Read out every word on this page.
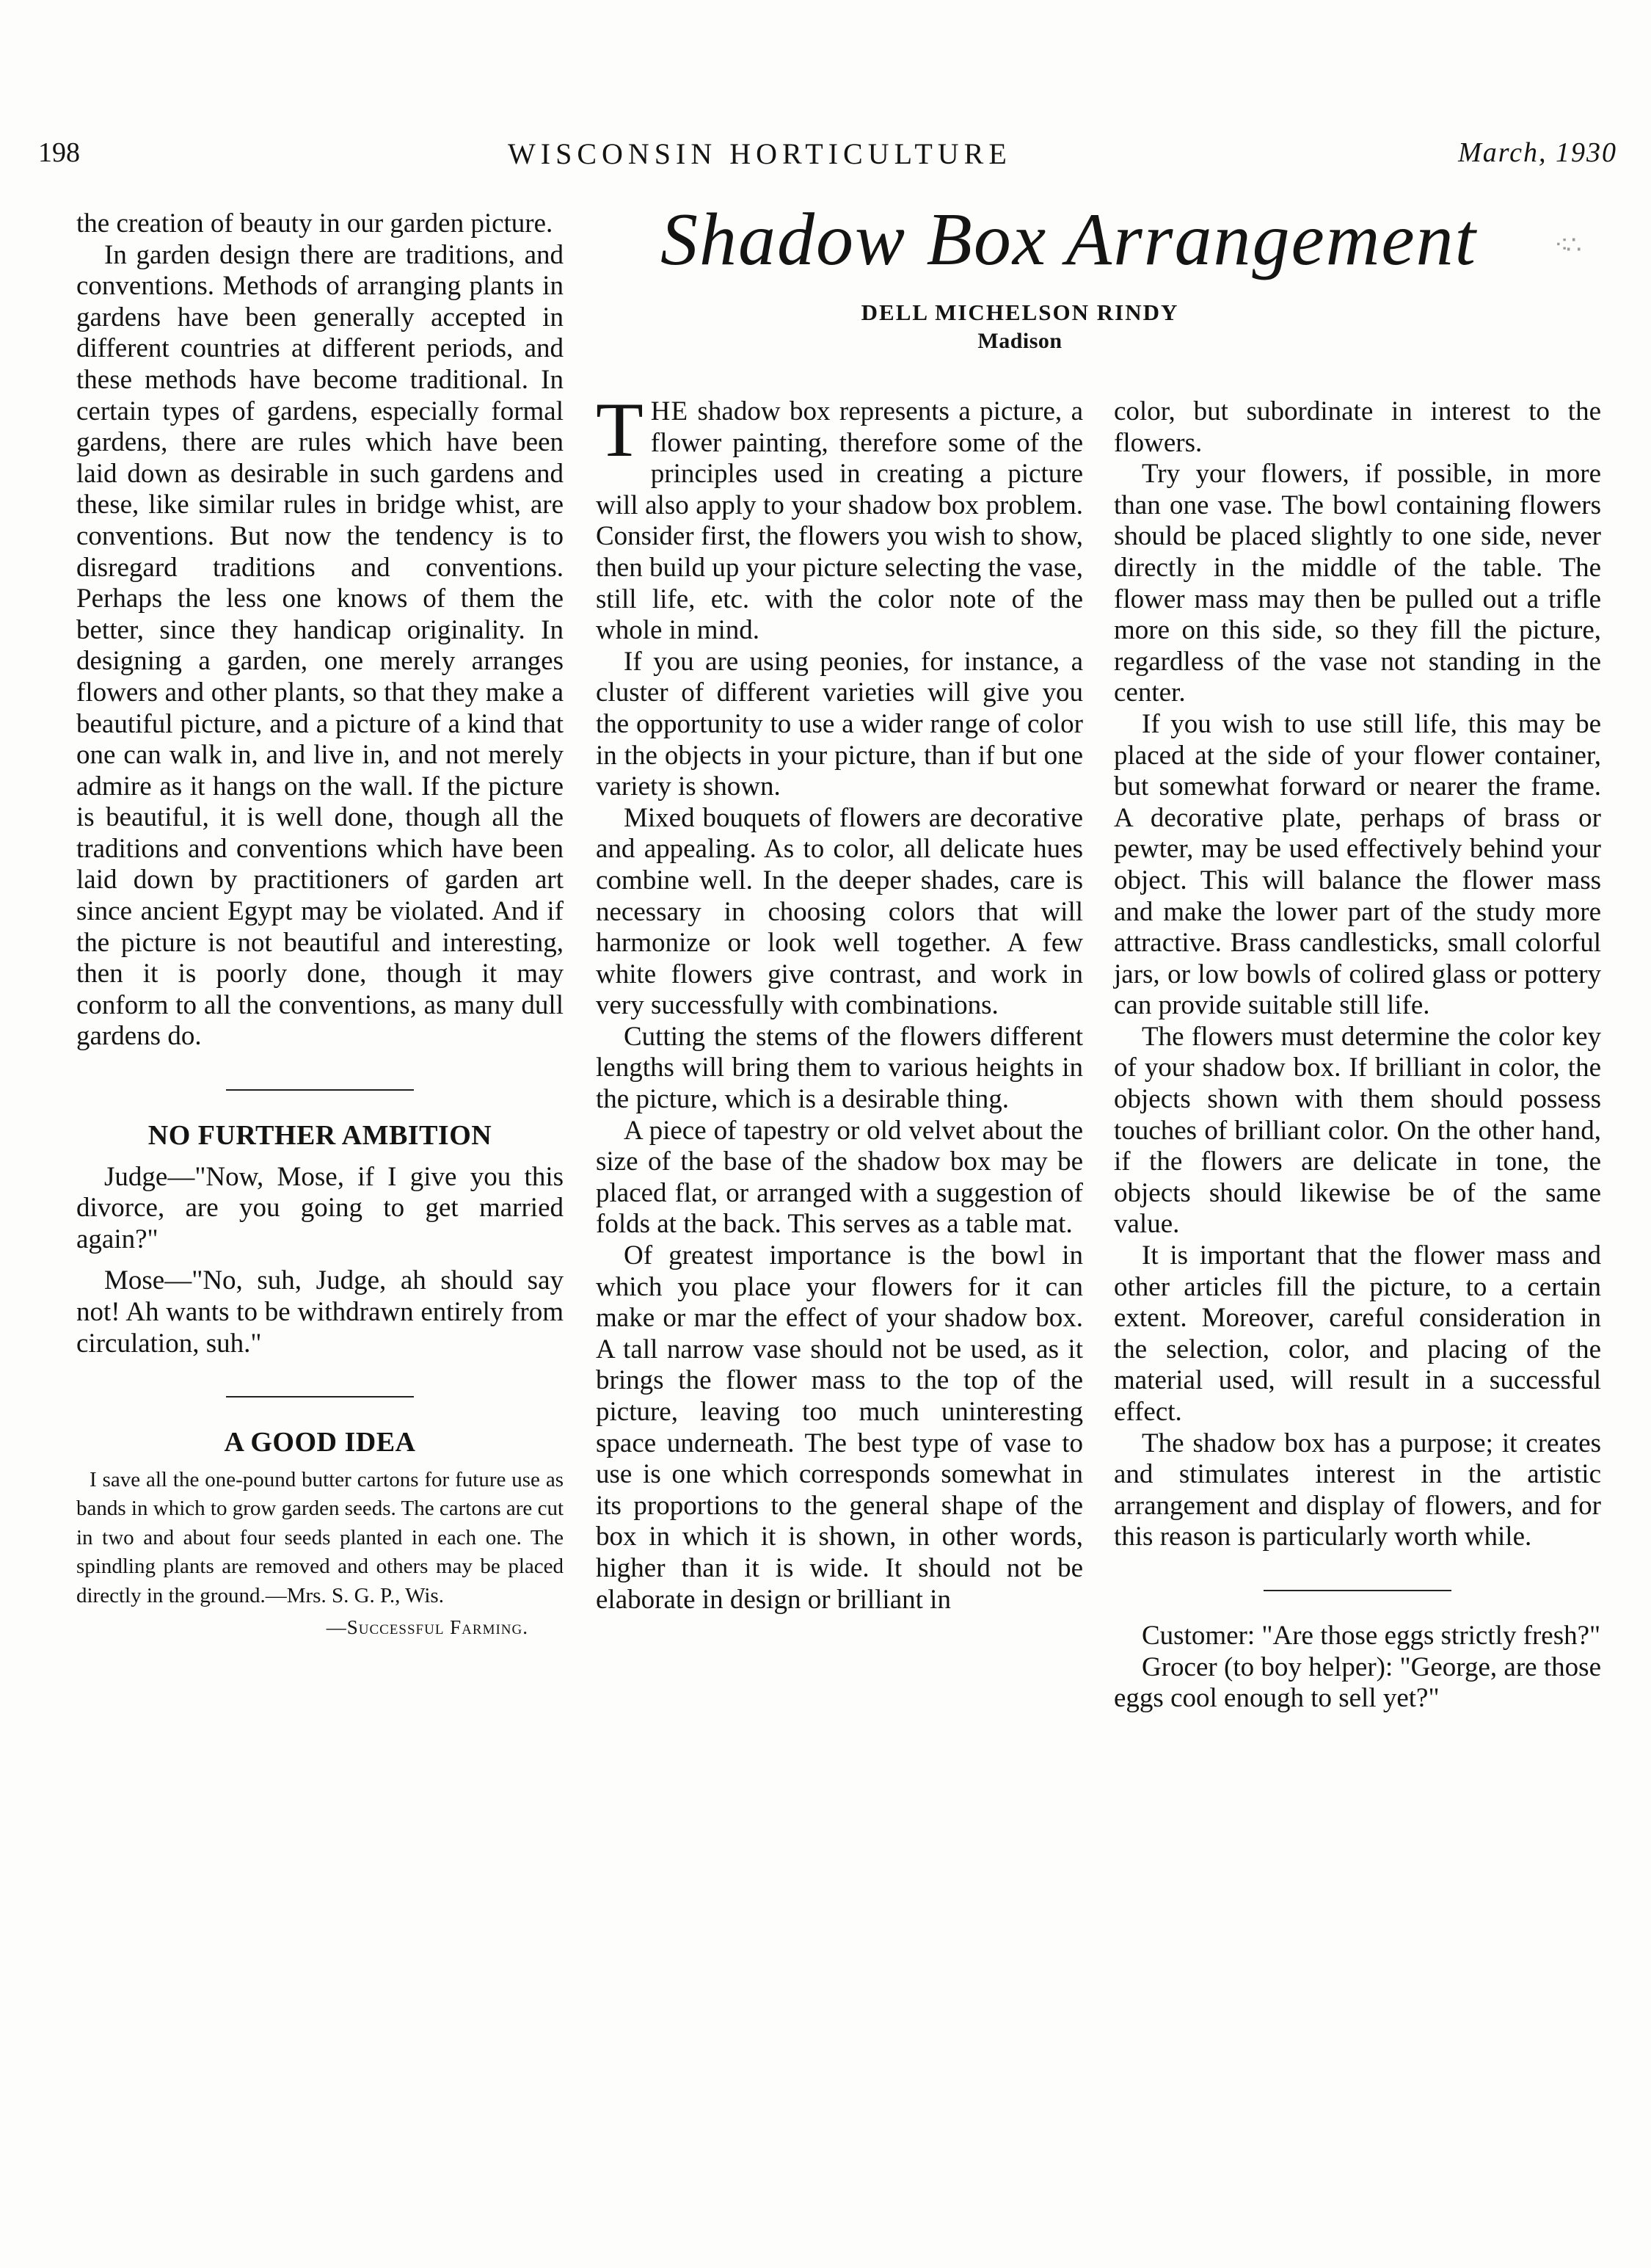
198	WISCONSIN HORTICULTURE	March, 1930

the creation of beauty in our garden picture.

In garden design there are traditions, and conventions. Methods of arranging plants in gardens have been generally accepted in different countries at different periods, and these methods have become traditional. In certain types of gardens, especially formal gardens, there are rules which have been laid down as desirable in such gardens and these, like similar rules in bridge whist, are conventions. But now the tendency is to disregard traditions and conventions. Perhaps the less one knows of them the better, since they handicap originality. In designing a garden, one merely arranges flowers and other plants, so that they make a beautiful picture, and a picture of a kind that one can walk in, and live in, and not merely admire as it hangs on the wall. If the picture is beautiful, it is well done, though all the traditions and conventions which have been laid down by practitioners of garden art since ancient Egypt may be violated. And if the picture is not beautiful and interesting, then it is poorly done, though it may conform to all the conventions, as many dull gardens do.

NO FURTHER AMBITION

Judge—"Now, Mose, if I give you this divorce, are you going to get married again?"

Mose—"No, suh, Judge, ah should say not! Ah wants to be withdrawn entirely from circulation, suh."

A GOOD IDEA

I save all the one-pound butter cartons for future use as bands in which to grow garden seeds. The cartons are cut in two and about four seeds planted in each one. The spindling plants are removed and others may be placed directly in the ground.—Mrs. S. G. P., Wis.

—Successful Farming.

Shadow Box Arrangement	⁖∴
DELL MICHELSON RINDY
Madison

THE shadow box represents a picture, a flower painting, therefore some of the principles used in creating a picture will also apply to your shadow box problem. Consider first, the flowers you wish to show, then build up your picture selecting the vase, still life, etc. with the color note of the whole in mind.

If you are using peonies, for instance, a cluster of different varieties will give you the opportunity to use a wider range of color in the objects in your picture, than if but one variety is shown.

Mixed bouquets of flowers are decorative and appealing. As to color, all delicate hues combine well. In the deeper shades, care is necessary in choosing colors that will harmonize or look well together. A few white flowers give contrast, and work in very successfully with combinations.

Cutting the stems of the flowers different lengths will bring them to various heights in the picture, which is a desirable thing.

A piece of tapestry or old velvet about the size of the base of the shadow box may be placed flat, or arranged with a suggestion of folds at the back. This serves as a table mat.

Of greatest importance is the bowl in which you place your flowers for it can make or mar the effect of your shadow box. A tall narrow vase should not be used, as it brings the flower mass to the top of the picture, leaving too much uninteresting space underneath. The best type of vase to use is one which corresponds somewhat in its proportions to the general shape of the box in which it is shown, in other words, higher than it is wide. It should not be elaborate in design or brilliant in

color, but subordinate in interest to the flowers.

Try your flowers, if possible, in more than one vase. The bowl containing flowers should be placed slightly to one side, never directly in the middle of the table. The flower mass may then be pulled out a trifle more on this side, so they fill the picture, regardless of the vase not standing in the center.

If you wish to use still life, this may be placed at the side of your flower container, but somewhat forward or nearer the frame. A decorative plate, perhaps of brass or pewter, may be used effectively behind your object. This will balance the flower mass and make the lower part of the study more attractive. Brass candlesticks, small colorful jars, or low bowls of colired glass or pottery can provide suitable still life.

The flowers must determine the color key of your shadow box. If brilliant in color, the objects shown with them should possess touches of brilliant color. On the other hand, if the flowers are delicate in tone, the objects should likewise be of the same value.

It is important that the flower mass and other articles fill the picture, to a certain extent. Moreover, careful consideration in the selection, color, and placing of the material used, will result in a successful effect.

The shadow box has a purpose; it creates and stimulates interest in the artistic arrangement and display of flowers, and for this reason is particularly worth while.

Customer: "Are those eggs strictly fresh?"

Grocer (to boy helper): "George, are those eggs cool enough to sell yet?"
